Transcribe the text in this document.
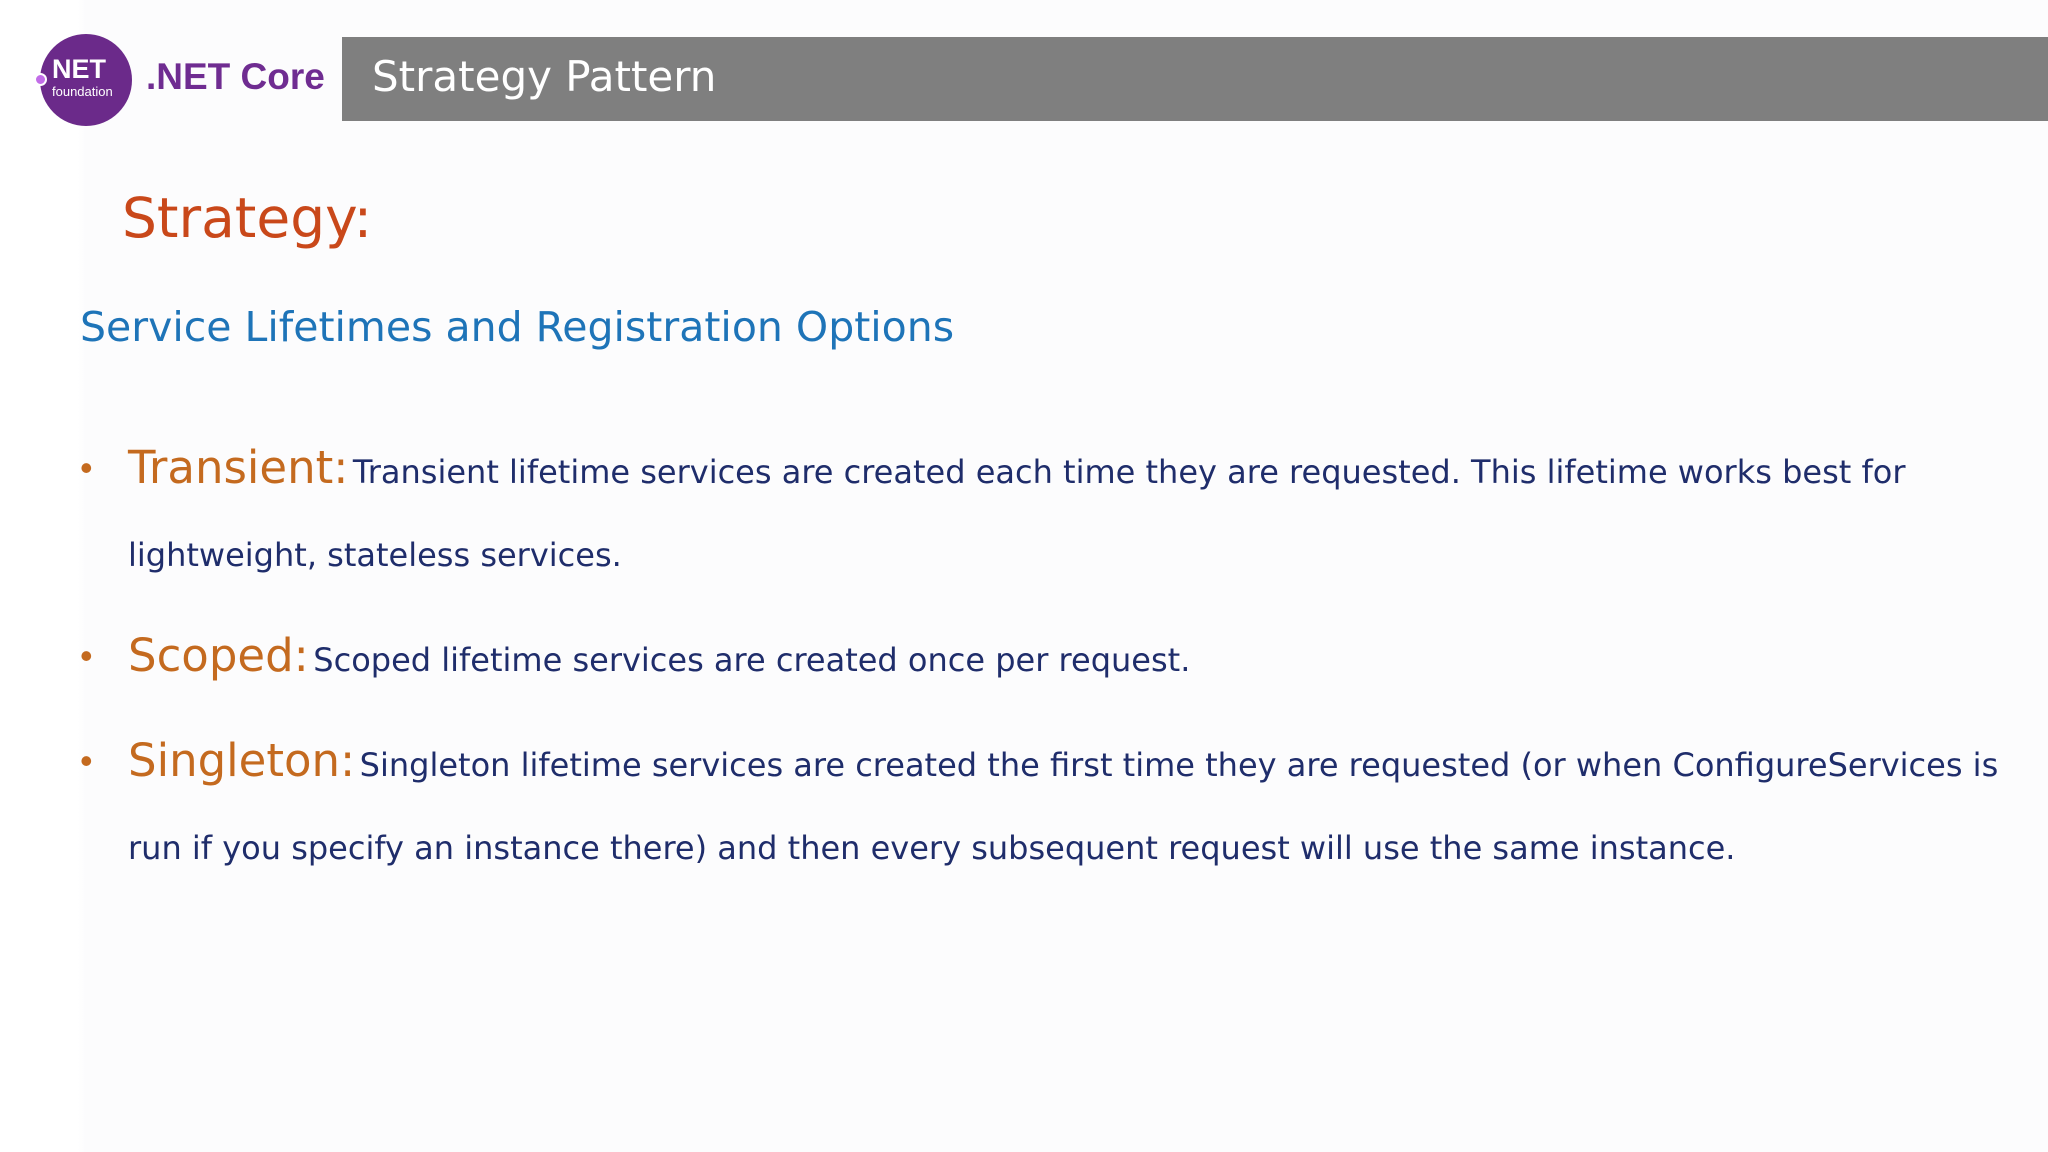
NET
foundation .NET Core Strategy Pattern
Strategy:
Service Lifetimes and Registration Options
• Transient: Transient lifetime services are created each time they are requested. This lifetime works best for lightweight, stateless services.
• Scoped: Scoped lifetime services are created once per request.
• Singleton: Singleton lifetime services are created the first time they are requested (or when ConfigureServices is run if you specify an instance there) and then every subsequent request will use the same instance.
